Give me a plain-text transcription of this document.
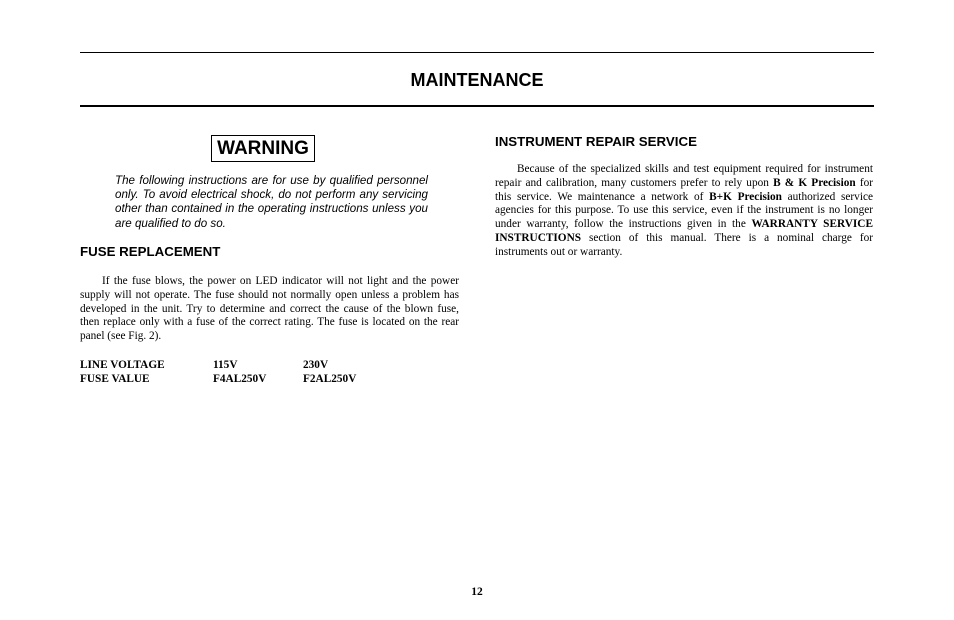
MAINTENANCE
WARNING

The following instructions are for use by qualified personnel only. To avoid electrical shock, do not perform any servicing other than contained in the operating instructions unless you are qualified to do so.

FUSE REPLACEMENT

If the fuse blows, the power on LED indicator will not light and the power supply will not operate. The fuse should not normally open unless a problem has developed in the unit. Try to determine and correct the cause of the blown fuse, then replace only with a fuse of the correct rating. The fuse is located on the rear panel (see Fig. 2).

LINE VOLTAGE	115V	230V
FUSE VALUE	F4AL250V	F2AL250V
INSTRUMENT REPAIR SERVICE

Because of the specialized skills and test equipment required for instrument repair and calibration, many customers prefer to rely upon B & K Precision for this service. We maintenance a network of B+K Precision authorized service agencies for this purpose. To use this service, even if the instrument is no longer under warranty, follow the instructions given in the WARRANTY SERVICE INSTRUCTIONS section of this manual. There is a nominal charge for instruments out or warranty.

12
